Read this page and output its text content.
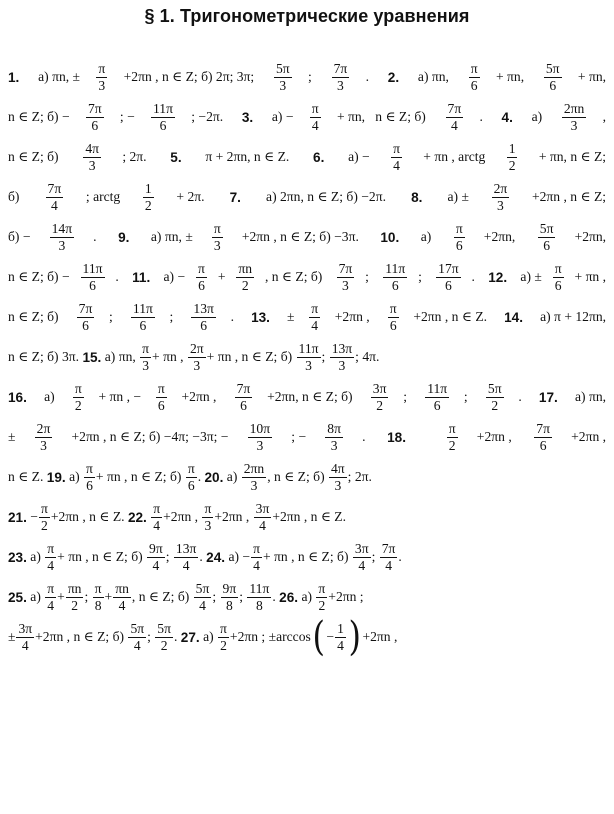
§ 1. Тригонометрические уравнения
1. а) πn, ± $\frac{\pi}{3} +2\pi n$ , n ∈ Z; б) 2π; 3π; $\frac{5\pi}{3}$ ; $\frac{7\pi}{3}$ . 2. а) πn, $\frac{\pi}{6} + \pi n$, $\frac{5\pi}{6} + \pi n$,
n ∈ Z; $б) - \frac{7\pi}{6}$ ; − $\frac{11\pi}{6}$ ; −2π. 3. $а) - \frac{\pi}{4} + \pi n$,   n ∈ Z; $б) \frac{7\pi}{4}$ . 4. $а) \frac{2\pi n}{3}$ ,
n ∈ Z; $б) \frac{4\pi}{3}$ ; 2π. 5. π + 2πn, n ∈ Z. 6. $а) - \frac{\pi}{4} + \pi n$ , arctg $\frac{1}{2} + \pi n$, n ∈ Z;
$б) \frac{7\pi}{4}$ ; arctg $\frac{1}{2} + 2\pi$. 7. а) 2πn, n ∈ Z; б) −2π. 8. $а) \pm \frac{2\pi}{3} +2\pi n$ , n ∈ Z;
$б) - \frac{14\pi}{3}$ . 9. а) πn, ± $\frac{\pi}{3} +2\pi n$ , n ∈ Z; б) −3π. 10. $а) \frac{\pi}{6} +2\pi n$, $\frac{5\pi}{6} +2\pi n$,
n ∈ Z; $б) - \frac{11\pi}{6}$ . 11. $а) - \frac{\pi}{6} + \frac{\pi n}{2}$ , n ∈ Z; $б) \frac{7\pi}{3}$ ; $\frac{11\pi}{6}$ ; $\frac{17\pi}{6}$ . 12. $а) \pm \frac{\pi}{6} + \pi n$ ,
n ∈ Z; $б) \frac{7\pi}{6}$ ; $\frac{11\pi}{6}$ ; $\frac{13\pi}{6}$ . 13. ± $\frac{\pi}{4} +2\pi n$ , $\frac{\pi}{6} +2\pi n$ , n ∈ Z. 14. а) π + 12πn,
n ∈ Z; б) 3π. 15. а) πn, $\frac{\pi}{3} + \pi n$ , $\frac{2\pi}{3} + \pi n$ , n ∈ Z; $б) \frac{11\pi}{3}$ ; $\frac{13\pi}{3}$ ; 4π.
16. $а) \frac{\pi}{2} + \pi n$ , − $\frac{\pi}{6} +2\pi n$ , $\frac{7\pi}{6} +2\pi n$, n ∈ Z; $б) \frac{3\pi}{2}$ ; $\frac{11\pi}{6}$ ; $\frac{5\pi}{2}$ . 17. а) πn,
± $\frac{2\pi}{3} +2\pi n$ , n ∈ Z; б) −4π; −3π; − $\frac{10\pi}{3}$ ; − $\frac{8\pi}{3}$ . 18.
	$\frac{\pi}{2} +2\pi n$ , $\frac{7\pi}{6} +2\pi n$ ,
n ∈ Z. 19. $а) \frac{\pi}{6} + \pi n$ , n ∈ Z; $б) \frac{\pi}{6}$ . 20. $а) \frac{2\pi n}{3}$ , n ∈ Z; $б) \frac{4\pi}{3}$ ; 2π.
21. − $\frac{\pi}{2} +2\pi n$ , n ∈ Z. 22.
$\frac{\pi}{4} +2\pi n$ , $\frac{\pi}{3} +2\pi n$ , $\frac{3\pi}{4} +2\pi n$ , n ∈ Z.
23. $а) \frac{\pi}{4} + \pi n$ , n ∈ Z; $б) \frac{9\pi}{4}$ ; $\frac{13\pi}{4}$ . 24. $а) - \frac{\pi}{4} + \pi n$ , n ∈ Z; $б) \frac{3\pi}{4}$ ; $\frac{7\pi}{4}$ .
25. $а) \frac{\pi}{4} + \frac{\pi n}{2}$ ; $\frac{\pi}{8} + \frac{\pi n}{4}$ , n ∈ Z; $б) \frac{5\pi}{4}$ ; $\frac{9\pi}{8}$ ; $\frac{11\pi}{8}$ . 26. $а) \frac{\pi}{2} +2\pi n$ ;
± $\frac{3\pi}{4} +2\pi n$ , n ∈ Z; $б) \frac{5\pi}{4}$ ; $\frac{5\pi}{2}$ . 27. $а) \frac{\pi}{2} +2\pi n$ ; ±arccos ( − $\frac{1}{4}$ ) +2πn ,
